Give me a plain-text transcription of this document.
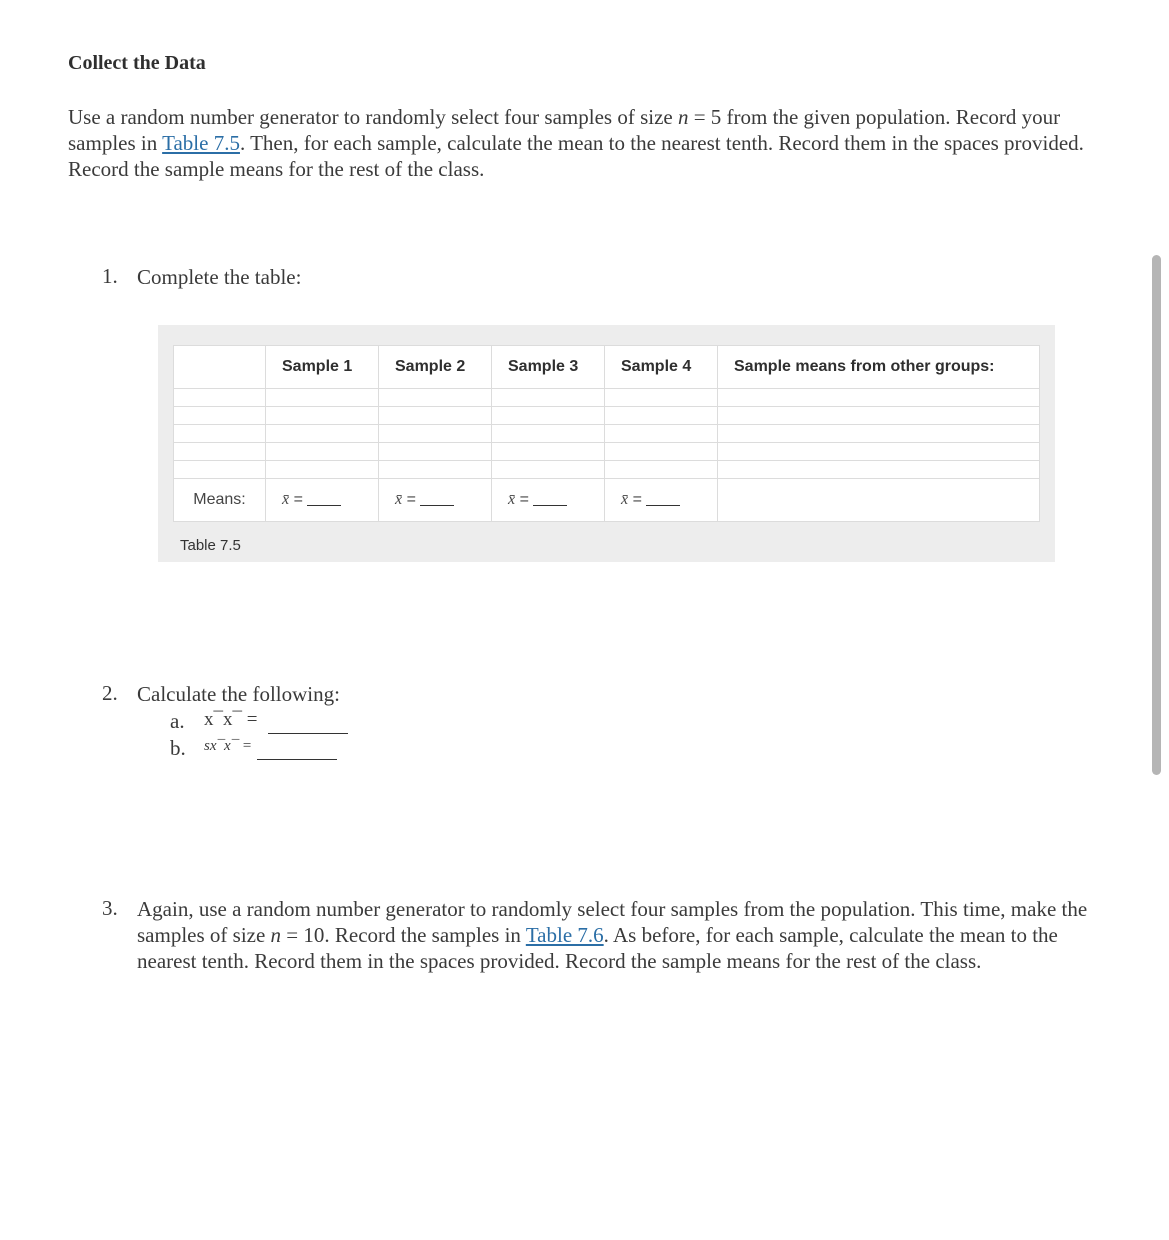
Collect the Data
Use a random number generator to randomly select four samples of size n = 5 from the given population. Record your samples in Table 7.5. Then, for each sample, calculate the mean to the nearest tenth. Record them in the spaces provided. Record the sample means for the rest of the class.
1. Complete the table:
	Sample 1	Sample 2	Sample 3	Sample 4	Sample means from other groups:

Means:	x̄ =	x̄ =	x̄ =	x̄ =	
Table 7.5
2. Calculate the following:
a. x¯x¯ =
b. sx¯x¯ =
3. Again, use a random number generator to randomly select four samples from the population. This time, make the samples of size n = 10. Record the samples in Table 7.6. As before, for each sample, calculate the mean to the nearest tenth. Record them in the spaces provided. Record the sample means for the rest of the class.
